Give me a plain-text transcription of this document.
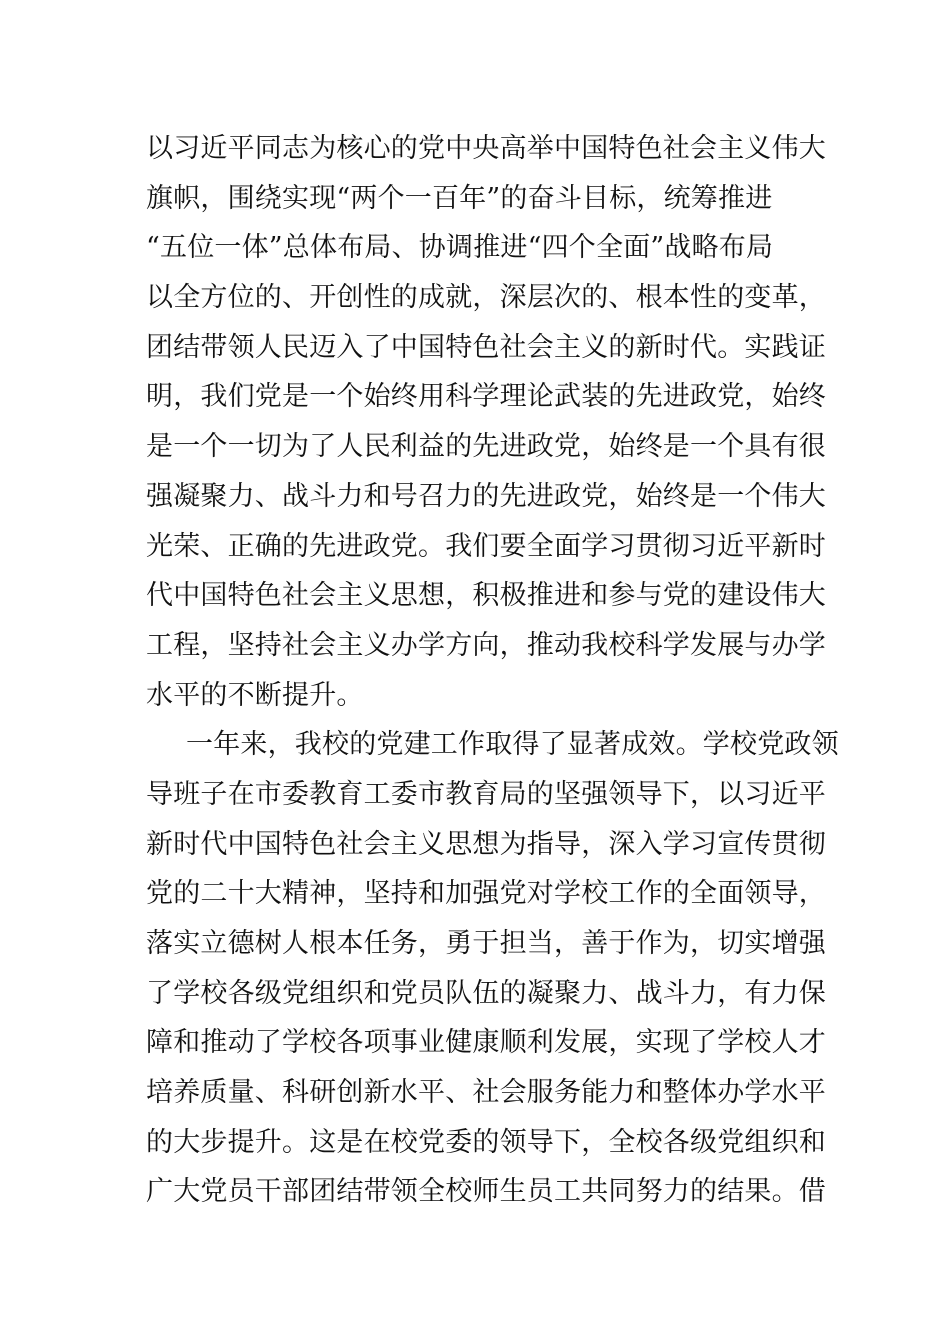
以习近平同志为核心的党中央高举中国特色社会主义伟大
旗帜，围绕实现“两个一百年”的奋斗目标，统筹推进
“五位一体”总体布局、协调推进“四个全面”战略布局
以全方位的、开创性的成就，深层次的、根本性的变革，
团结带领人民迈入了中国特色社会主义的新时代。实践证
明，我们党是一个始终用科学理论武装的先进政党，始终
是一个一切为了人民利益的先进政党，始终是一个具有很
强凝聚力、战斗力和号召力的先进政党，始终是一个伟大
光荣、正确的先进政党。我们要全面学习贯彻习近平新时
代中国特色社会主义思想，积极推进和参与党的建设伟大
工程，坚持社会主义办学方向，推动我校科学发展与办学
水平的不断提升。
一年来，我校的党建工作取得了显著成效。学校党政领
导班子在市委教育工委市教育局的坚强领导下，以习近平
新时代中国特色社会主义思想为指导，深入学习宣传贯彻
党的二十大精神，坚持和加强党对学校工作的全面领导，
落实立德树人根本任务，勇于担当，善于作为，切实增强
了学校各级党组织和党员队伍的凝聚力、战斗力，有力保
障和推动了学校各项事业健康顺利发展，实现了学校人才
培养质量、科研创新水平、社会服务能力和整体办学水平
的大步提升。这是在校党委的领导下，全校各级党组织和
广大党员干部团结带领全校师生员工共同努力的结果。借
